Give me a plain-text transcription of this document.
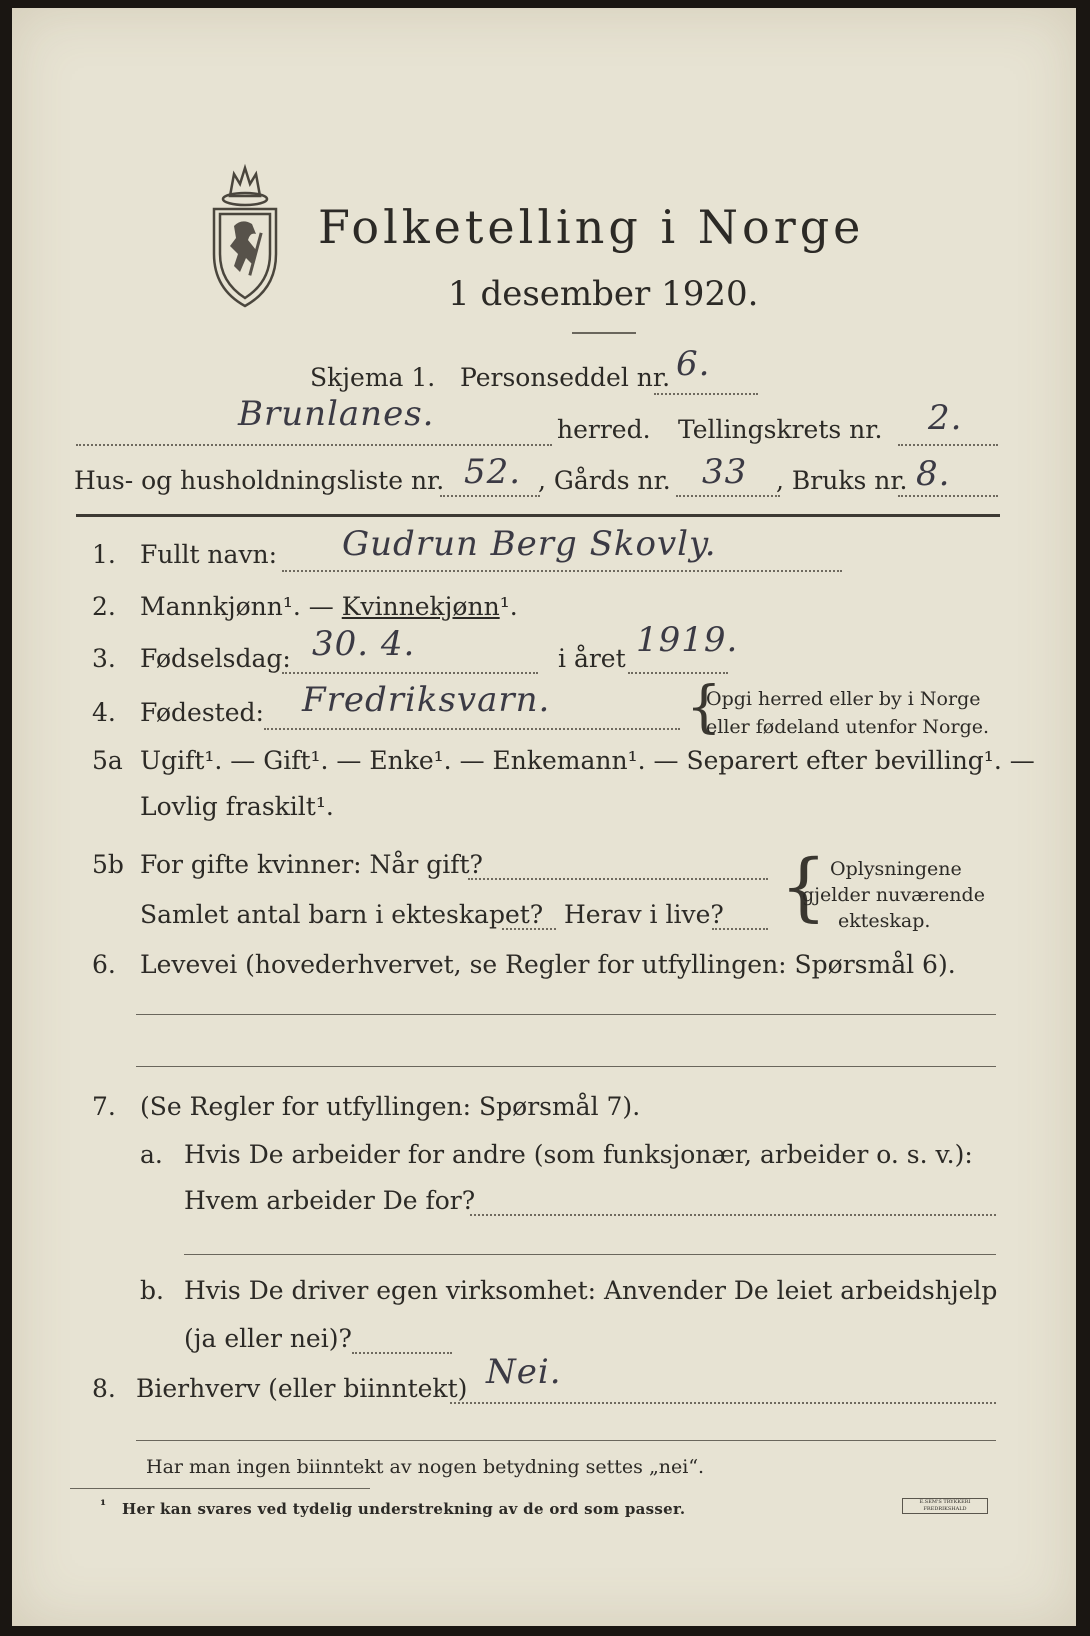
Folketelling i Norge
1 desember 1920.
Skjema 1. Personseddel nr. 6.
Brunlanes.	herred. Tellingskrets nr. 2.
Hus- og husholdningsliste nr. 52. , Gårds nr. 33 , Bruks nr. 8.
1. Fullt navn: Gudrun Berg Skovly.
2. Mannkjønn¹. — Kvinnekjønn¹.
3. Fødselsdag: 30. 4.	i året 1919.
4. Fødested: Fredriksvarn. {
Opgi herred eller by i Norge
eller fødeland utenfor Norge.
5a Ugift¹. — Gift¹. — Enke¹. — Enkemann¹. — Separert efter bevilling¹. —
Lovlig fraskilt¹.
5b For gifte kvinner: Når gift?
Samlet antal barn i ekteskapet? Herav i live? { Oplysningene
gjelder nuværende
ekteskap.
6. Levevei (hovederhvervet, se Regler for utfyllingen: Spørsmål 6).
7. (Se Regler for utfyllingen: Spørsmål 7).
a. Hvis De arbeider for andre (som funksjonær, arbeider o. s. v.):
Hvem arbeider De for?
b. Hvis De driver egen virksomhet: Anvender De leiet arbeidshjelp
(ja eller nei)?
8. Bierhverv (eller biinntekt) Nei.
Har man ingen biinntekt av nogen betydning settes „nei“.
¹ Her kan svares ved tydelig understrekning av de ord som passer.	E.SEM'S TRYKKERI FREDRIKSHALD
